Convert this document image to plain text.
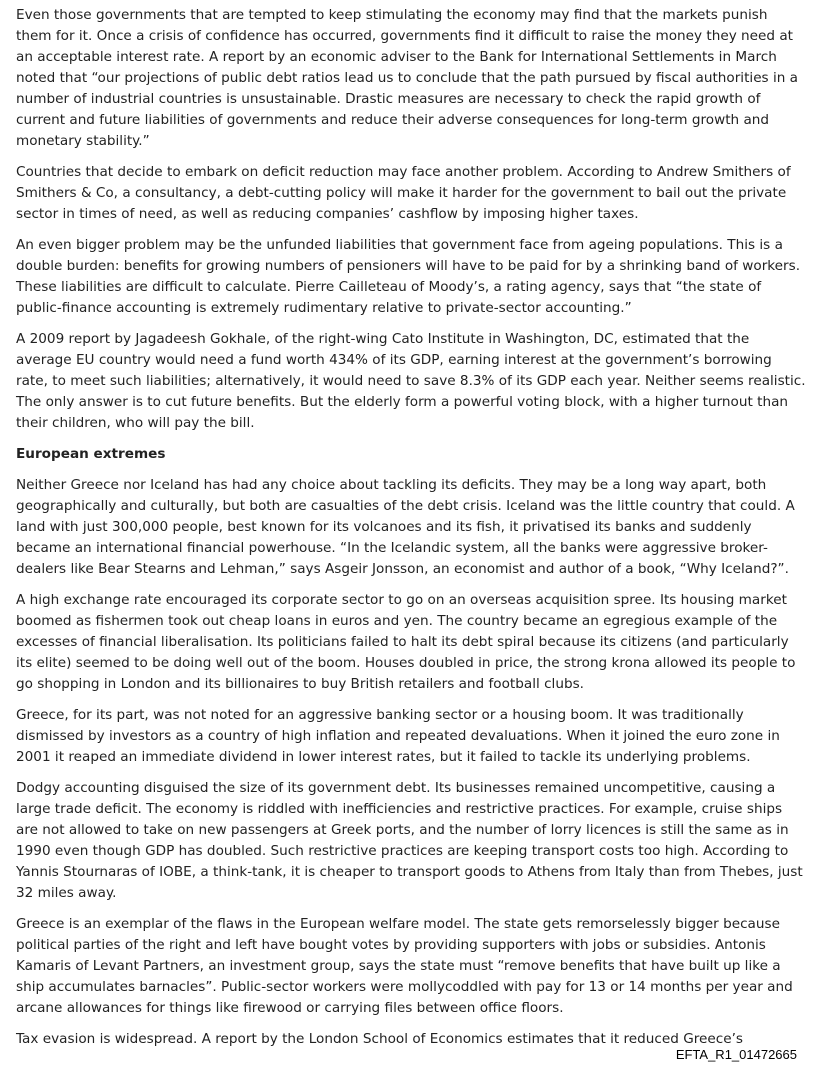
Even those governments that are tempted to keep stimulating the economy may find that the markets punish them for it. Once a crisis of confidence has occurred, governments find it difficult to raise the money they need at an acceptable interest rate. A report by an economic adviser to the Bank for International Settlements in March noted that “our projections of public debt ratios lead us to conclude that the path pursued by fiscal authorities in a number of industrial countries is unsustainable. Drastic measures are necessary to check the rapid growth of current and future liabilities of governments and reduce their adverse consequences for long-term growth and monetary stability.”

Countries that decide to embark on deficit reduction may face another problem. According to Andrew Smithers of Smithers & Co, a consultancy, a debt-cutting policy will make it harder for the government to bail out the private sector in times of need, as well as reducing companies’ cashflow by imposing higher taxes.

An even bigger problem may be the unfunded liabilities that government face from ageing populations. This is a double burden: benefits for growing numbers of pensioners will have to be paid for by a shrinking band of workers. These liabilities are difficult to calculate. Pierre Cailleteau of Moody’s, a rating agency, says that “the state of public-finance accounting is extremely rudimentary relative to private-sector accounting.”

A 2009 report by Jagadeesh Gokhale, of the right-wing Cato Institute in Washington, DC, estimated that the average EU country would need a fund worth 434% of its GDP, earning interest at the government’s borrowing rate, to meet such liabilities; alternatively, it would need to save 8.3% of its GDP each year. Neither seems realistic. The only answer is to cut future benefits. But the elderly form a powerful voting block, with a higher turnout than their children, who will pay the bill.

European extremes

Neither Greece nor Iceland has had any choice about tackling its deficits. They may be a long way apart, both geographically and culturally, but both are casualties of the debt crisis. Iceland was the little country that could. A land with just 300,000 people, best known for its volcanoes and its fish, it privatised its banks and suddenly became an international financial powerhouse. “In the Icelandic system, all the banks were aggressive broker-dealers like Bear Stearns and Lehman,” says Asgeir Jonsson, an economist and author of a book, “Why Iceland?”.

A high exchange rate encouraged its corporate sector to go on an overseas acquisition spree. Its housing market boomed as fishermen took out cheap loans in euros and yen. The country became an egregious example of the excesses of financial liberalisation. Its politicians failed to halt its debt spiral because its citizens (and particularly its elite) seemed to be doing well out of the boom. Houses doubled in price, the strong krona allowed its people to go shopping in London and its billionaires to buy British retailers and football clubs.

Greece, for its part, was not noted for an aggressive banking sector or a housing boom. It was traditionally dismissed by investors as a country of high inflation and repeated devaluations. When it joined the euro zone in 2001 it reaped an immediate dividend in lower interest rates, but it failed to tackle its underlying problems.

Dodgy accounting disguised the size of its government debt. Its businesses remained uncompetitive, causing a large trade deficit. The economy is riddled with inefficiencies and restrictive practices. For example, cruise ships are not allowed to take on new passengers at Greek ports, and the number of lorry licences is still the same as in 1990 even though GDP has doubled. Such restrictive practices are keeping transport costs too high. According to Yannis Stournaras of IOBE, a think-tank, it is cheaper to transport goods to Athens from Italy than from Thebes, just 32 miles away.

Greece is an exemplar of the flaws in the European welfare model. The state gets remorselessly bigger because political parties of the right and left have bought votes by providing supporters with jobs or subsidies. Antonis Kamaris of Levant Partners, an investment group, says the state must “remove benefits that have built up like a ship accumulates barnacles”. Public-sector workers were mollycoddled with pay for 13 or 14 months per year and arcane allowances for things like firewood or carrying files between office floors.

Tax evasion is widespread. A report by the London School of Economics estimates that it reduced Greece’s

EFTA_R1_01472665
